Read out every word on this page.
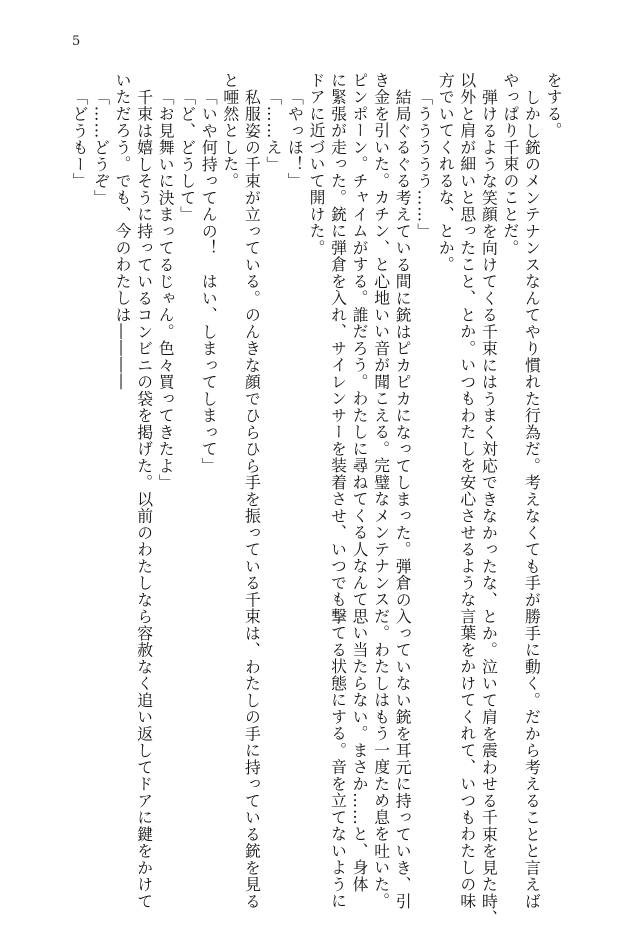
5
をする。
しかし銃のメンテナンスなんてやり慣れた行為だ。考えなくても手が勝手に動く。だから考えることと言えば
やっぱり千束のことだ。
弾けるような笑顔を向けてくる千束にはうまく対応できなかったな、とか。泣いて肩を震わせる千束を見た時、
以外と肩が細いと思ったこと、とか。いつもわたしを安心させるような言葉をかけてくれて、いつもわたしの味
方でいてくれるな、とか。
「ううううう……」
結局ぐるぐる考えている間に銃はピカピカになってしまった。弾倉の入っていない銃を耳元に持っていき、引
き金を引いた。カチン、と心地いい音が聞こえる。完璧なメンテナンスだ。わたしはもう一度ため息を吐いた。
ピンポーン。チャイムがする。誰だろう。わたしに尋ねてくる人なんて思い当たらない。まさか……と、身体
に緊張が走った。銃に弾倉を入れ、サイレンサーを装着させ、いつでも撃てる状態にする。音を立てないように
ドアに近づいて開けた。
「やっほ！」
「……え」
私服姿の千束が立っている。のんきな顔でひらひら手を振っている千束は、わたしの手に持っている銃を見る
と唖然とした。
「いや何持ってんの！　はい、しまってしまって」
「ど、どうして」
「お見舞いに決まってるじゃん。色々買ってきたよ」
千束は嬉しそうに持っているコンビニの袋を掲げた。以前のわたしなら容赦なく追い返してドアに鍵をかけて
いただろう。でも、今のわたしは――――
「……どうぞ」
「どうもー」
